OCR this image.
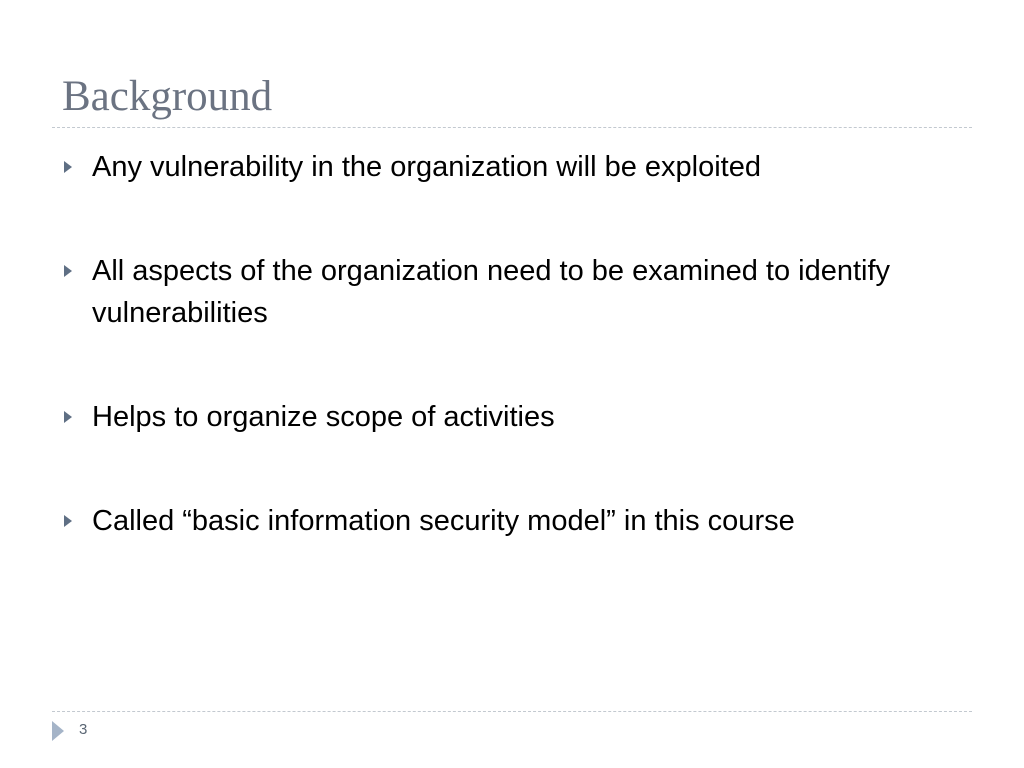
Background
Any vulnerability in the organization will be exploited
All aspects of the organization need to be examined to identify vulnerabilities
Helps to organize scope of activities
Called “basic information security model” in this course
3
